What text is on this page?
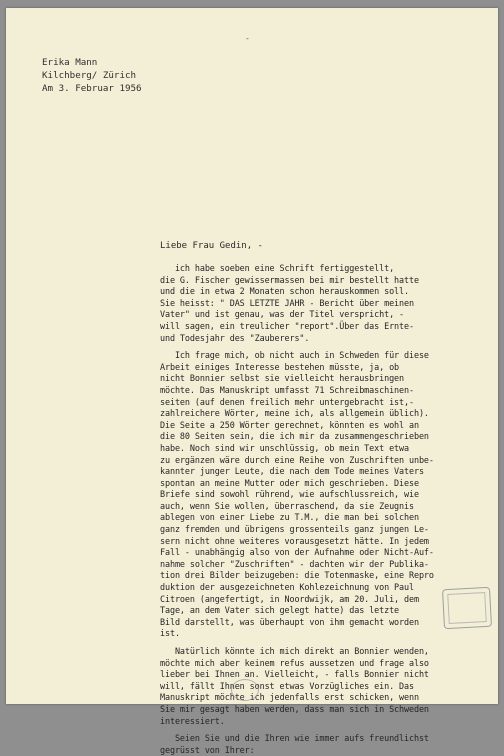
-
Erika Mann
Kilchberg/ Zürich
Am 3. Februar 1956
Liebe Frau Gedin, -
ich habe soeben eine Schrift fertiggestellt,
die G. Fischer gewissermassen bei mir bestellt hatte
und die in etwa 2 Monaten schon herauskommen soll.
Sie heisst: " DAS LETZTE JAHR - Bericht über meinen
Vater" und ist genau, was der Titel verspricht, -
will sagen, ein treulicher "report".Über das Ernte-
und Todesjahr des "Zauberers".
Ich frage mich, ob nicht auch in Schweden für diese
Arbeit einiges Interesse bestehen müsste, ja, ob
nicht Bonnier selbst sie vielleicht herausbringen
möchte. Das Manuskript umfasst 71 Schreibmaschinen-
seiten (auf denen freilich mehr untergebracht ist,-
zahlreichere Wörter, meine ich, als allgemein üblich).
Die Seite a 250 Wörter gerechnet, könnten es wohl an
die 80 Seiten sein, die ich mir da zusammengeschrieben
habe. Noch sind wir unschlüssig, ob mein Text etwa
zu ergänzen wäre durch eine Reihe von Zuschriften unbe-
kannter junger Leute, die nach dem Tode meines Vaters
spontan an meine Mutter oder mich geschrieben. Diese
Briefe sind sowohl rührend, wie aufschlussreich, wie
auch, wenn Sie wollen, überraschend, da sie Zeugnis
ablegen von einer Liebe zu T.M., die man bei solchen
ganz fremden und übrigens grossenteils ganz jungen Le-
sern nicht ohne weiteres vorausgesetzt hätte. In jedem
Fall - unabhängig also von der Aufnahme oder Nicht-Auf-
nahme solcher "Zuschriften" - dachten wir der Publika-
tion drei Bilder beizugeben: die Totenmaske, eine Repro
duktion der ausgezeichneten Kohlezeichnung von Paul
Citroen (angefertigt, in Noordwijk, am 20. Juli, dem
Tage, an dem Vater sich gelegt hatte) das letzte
Bild darstellt, was überhaupt von ihm gemacht worden
ist.
Natürlich könnte ich mich direkt an Bonnier wenden,
möchte mich aber keinem refus aussetzen und frage also
lieber bei Ihnen an. Vielleicht, - falls Bonnier nicht
will, fällt Ihnen sonst etwas Vorzügliches ein. Das
Manuskript möchte ich jedenfalls erst schicken, wenn
Sie mir gesagt haben werden, dass man sich in Schweden
interessiert.
Seien Sie und die Ihren wie immer aufs freundlichst
gegrüsst von Ihrer:
